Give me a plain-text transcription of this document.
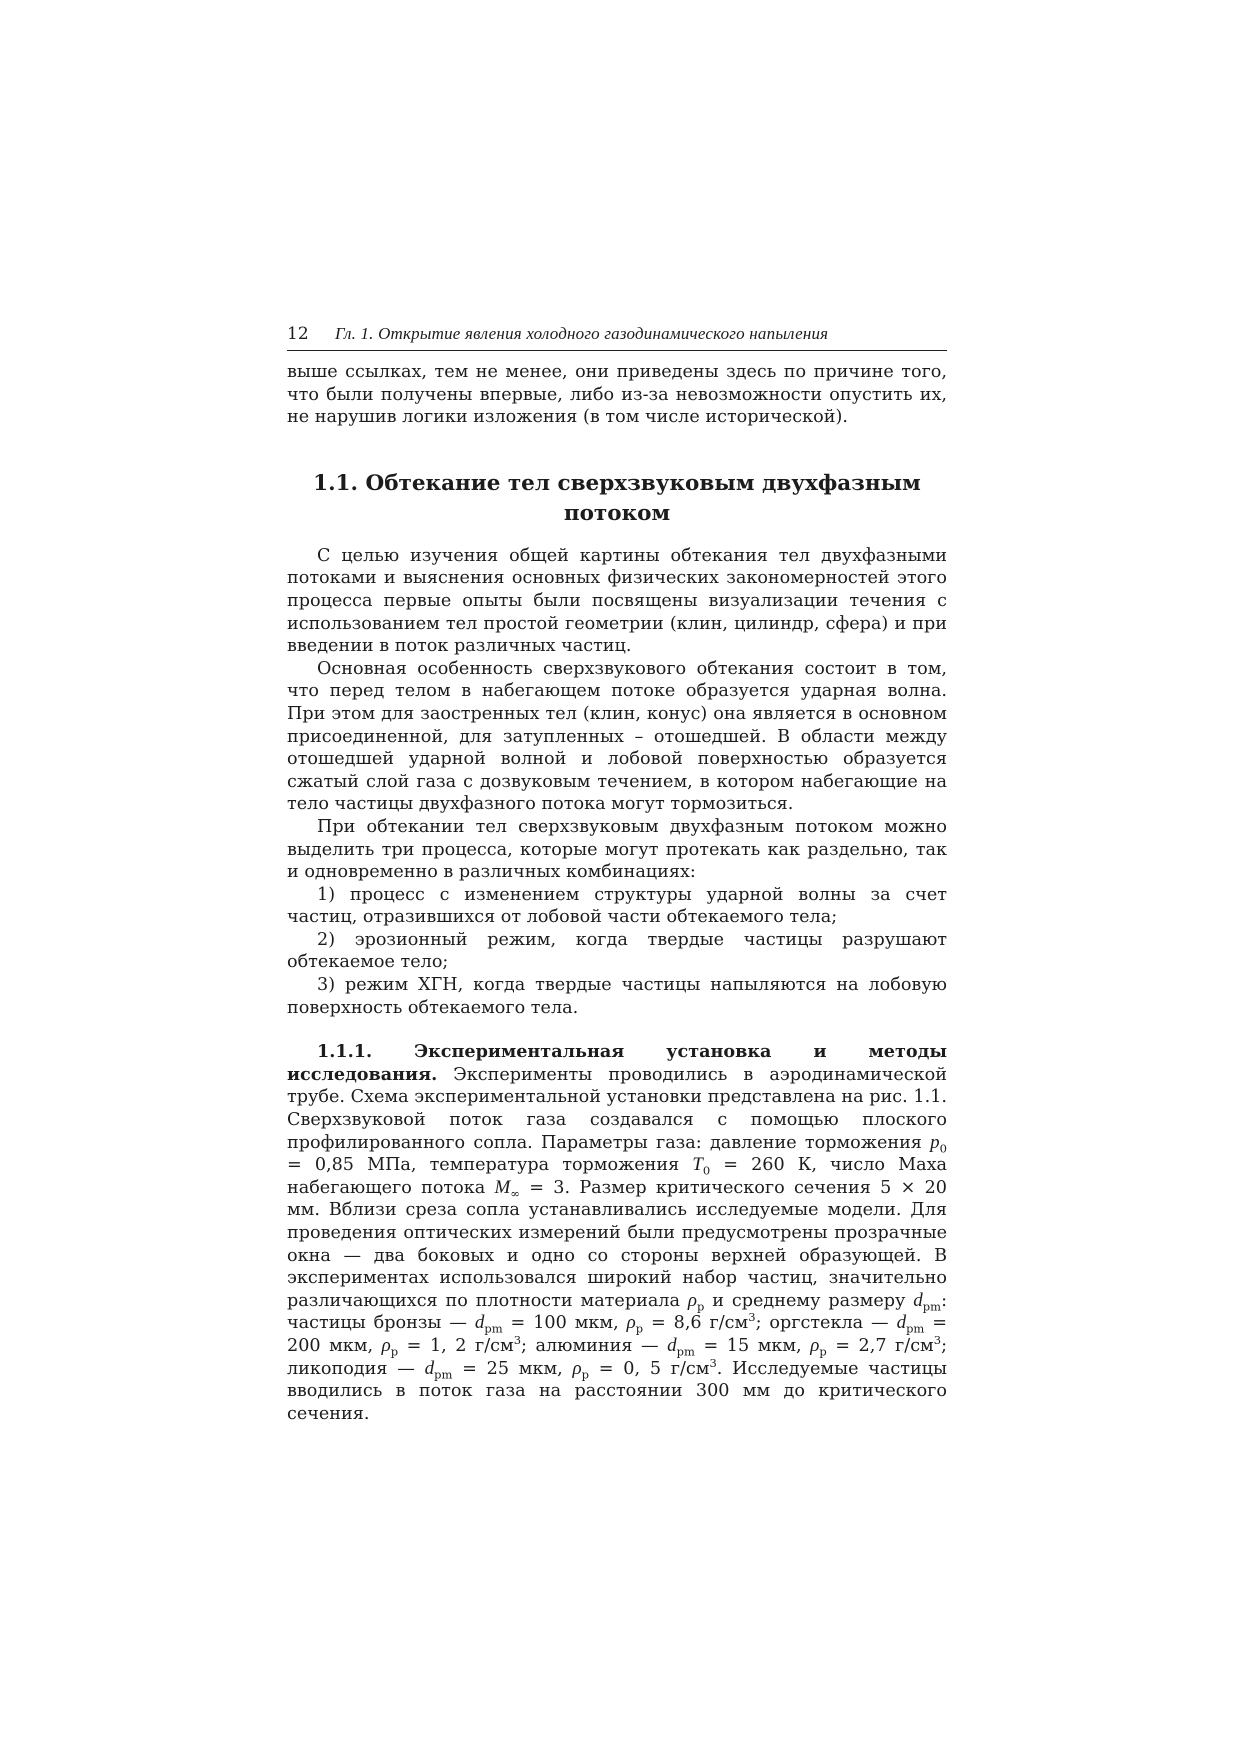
12 Гл. 1. Открытие явления холодного газодинамического напыления

выше ссылках, тем не менее, они приведены здесь по причине того, что были получены впервые, либо из-за невозможности опустить их, не нарушив логики изложения (в том числе исторической).

1.1. Обтекание тел сверхзвуковым двухфазным потоком

С целью изучения общей картины обтекания тел двухфазными потоками и выяснения основных физических закономерностей этого процесса первые опыты были посвящены визуализации течения с использованием тел простой геометрии (клин, цилиндр, сфера) и при введении в поток различных частиц.

Основная особенность сверхзвукового обтекания состоит в том, что перед телом в набегающем потоке образуется ударная волна. При этом для заостренных тел (клин, конус) она является в основном присоединенной, для затупленных – отошедшей. В области между отошедшей ударной волной и лобовой поверхностью образуется сжатый слой газа с дозвуковым течением, в котором набегающие на тело частицы двухфазного потока могут тормозиться.

При обтекании тел сверхзвуковым двухфазным потоком можно выделить три процесса, которые могут протекать как раздельно, так и одновременно в различных комбинациях:

1) процесс с изменением структуры ударной волны за счет частиц, отразившихся от лобовой части обтекаемого тела;

2) эрозионный режим, когда твердые частицы разрушают обтекаемое тело;

3) режим ХГН, когда твердые частицы напыляются на лобовую поверхность обтекаемого тела.

1.1.1. Экспериментальная установка и методы исследования. Эксперименты проводились в аэродинамической трубе. Схема экспериментальной установки представлена на рис. 1.1. Сверхзвуковой поток газа создавался с помощью плоского профилированного сопла. Параметры газа: давление торможения $p_0 = 0,85$ МПа, температура торможения $T_0 = 260$ К, число Маха набегающего потока $M_\infty = 3$. Размер критического сечения 5 × 20 мм. Вблизи среза сопла устанавливались исследуемые модели. Для проведения оптических измерений были предусмотрены прозрачные окна — два боковых и одно со стороны верхней образующей. В экспериментах использовался широкий набор частиц, значительно различающихся по плотности материала $\rho_p$ и среднему размеру $d_{pm}$: частицы бронзы — $d_{pm} = 100$ мкм, $\rho_p = 8,6$ $г/см^3$; оргстекла — $d_{pm} = 200$ мкм, $\rho_p = 1$, 2 $г/см^3$; алюминия — $d_{pm} = 15$ мкм, $\rho_p = 2,7$ $г/см^3$; ликоподия — $d_{pm} = 25$ мкм, $\rho_p = 0$, 5 $г/см^3$. Исследуемые частицы вводились в поток газа на расстоянии 300 мм до критического сечения.
